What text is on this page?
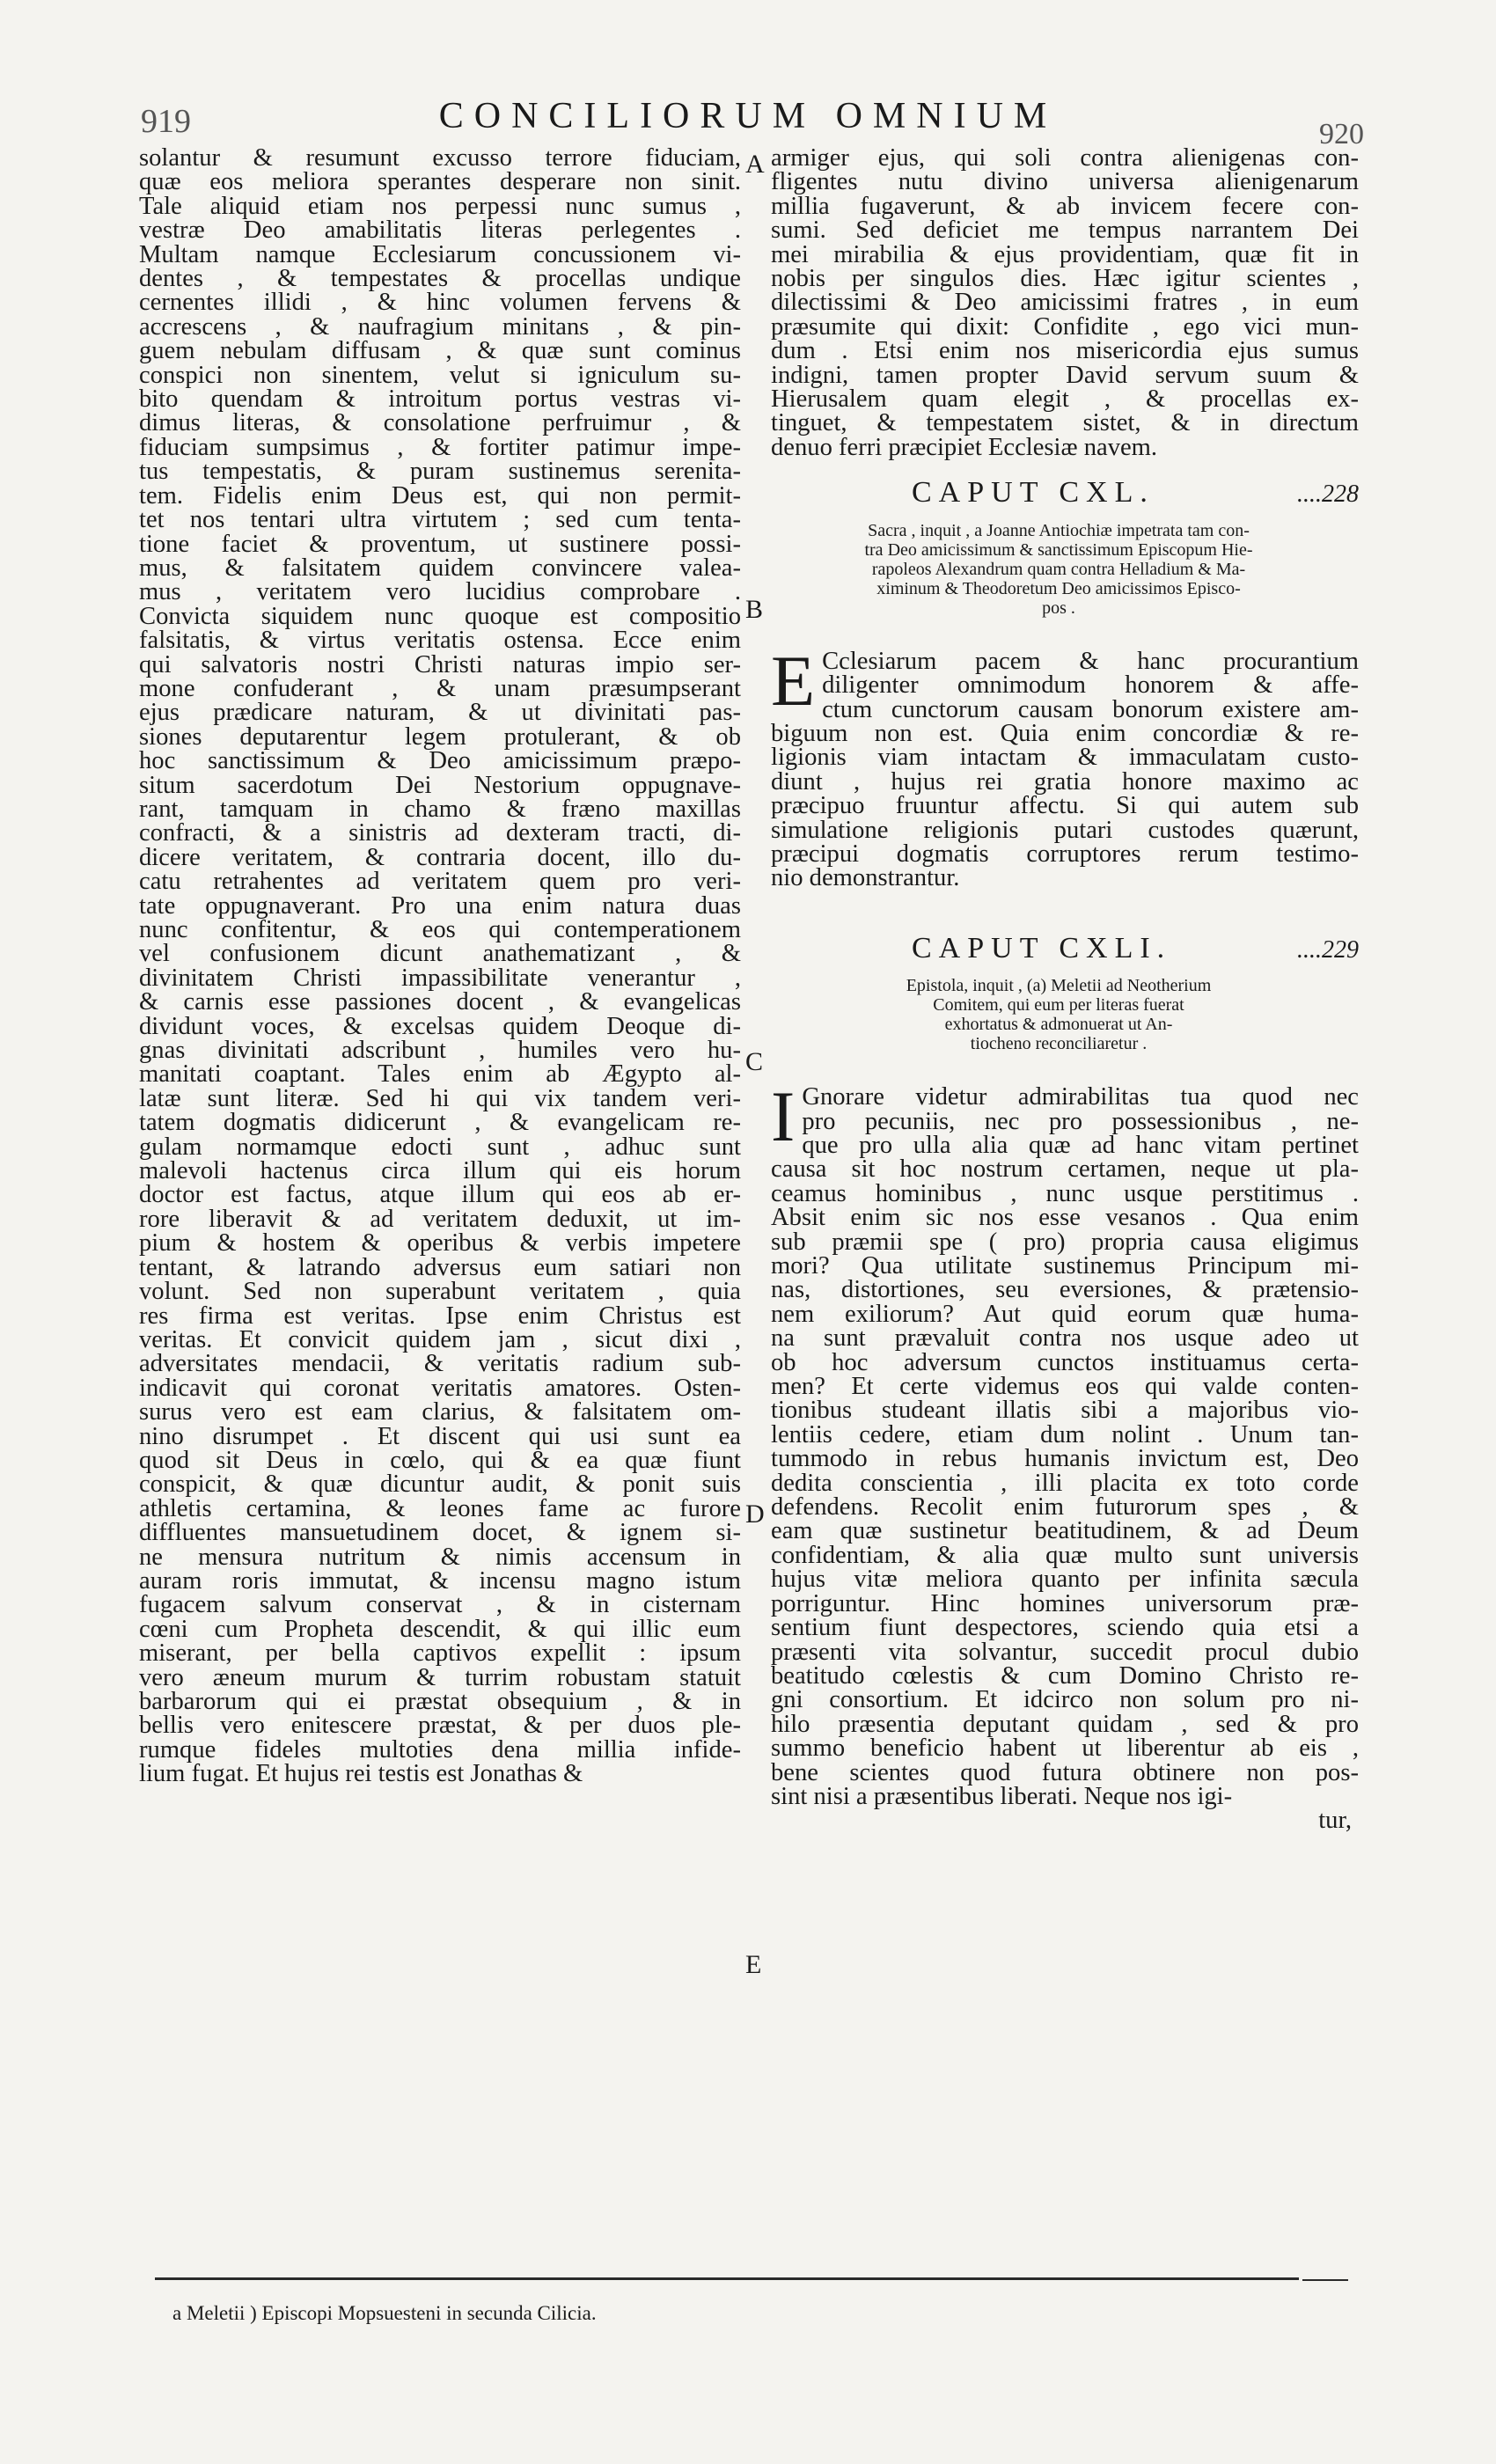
919	CONCILIORUM OMNIUM	920
solantur & resumunt excusso terrore fiduciam,
quæ eos meliora sperantes desperare non sinit.
Tale aliquid etiam nos perpessi nunc sumus ,
vestræ Deo amabilitatis literas perlegentes .
Multam namque Ecclesiarum concussionem vi-
dentes , & tempestates & procellas undique
cernentes illidi , & hinc volumen fervens &
accrescens , & naufragium minitans , & pin-
guem nebulam diffusam , & quæ sunt cominus
conspici non sinentem, velut si igniculum su-
bito quendam & introitum portus vestras vi-
dimus literas, & consolatione perfruimur , &
fiduciam sumpsimus , & fortiter patimur impe-
tus tempestatis, & puram sustinemus serenita-
tem. Fidelis enim Deus est, qui non permit-
tet nos tentari ultra virtutem ; sed cum tenta-
tione faciet & proventum, ut sustinere possi-
mus, & falsitatem quidem convincere valea-
mus , veritatem vero lucidius comprobare .
Convicta siquidem nunc quoque est compositio
falsitatis, & virtus veritatis ostensa. Ecce enim
qui salvatoris nostri Christi naturas impio ser-
mone confuderant , & unam præsumpserant
ejus prædicare naturam, & ut divinitati pas-
siones deputarentur legem protulerant, & ob
hoc sanctissimum & Deo amicissimum præpo-
situm sacerdotum Dei Nestorium oppugnave-
rant, tamquam in chamo & fræno maxillas
confracti, & a sinistris ad dexteram tracti, di-
dicere veritatem, & contraria docent, illo du-
catu retrahentes ad veritatem quem pro veri-
tate oppugnaverant. Pro una enim natura duas
nunc confitentur, & eos qui contemperationem
vel confusionem dicunt anathematizant , &
divinitatem Christi impassibilitate venerantur ,
& carnis esse passiones docent , & evangelicas
dividunt voces, & excelsas quidem Deoque di-
gnas divinitati adscribunt , humiles vero hu-
manitati coaptant. Tales enim ab Ægypto al-
latæ sunt literæ. Sed hi qui vix tandem veri-
tatem dogmatis didicerunt , & evangelicam re-
gulam normamque edocti sunt , adhuc sunt
malevoli hactenus circa illum qui eis horum
doctor est factus, atque illum qui eos ab er-
rore liberavit & ad veritatem deduxit, ut im-
pium & hostem & operibus & verbis impetere
tentant, & latrando adversus eum satiari non
volunt. Sed non superabunt veritatem , quia
res firma est veritas. Ipse enim Christus est
veritas. Et convicit quidem jam , sicut dixi ,
adversitates mendacii, & veritatis radium sub-
indicavit qui coronat veritatis amatores. Osten-
surus vero est eam clarius, & falsitatem om-
nino disrumpet . Et discent qui usi sunt ea
quod sit Deus in cœlo, qui & ea quæ fiunt
conspicit, & quæ dicuntur audit, & ponit suis
athletis certamina, & leones fame ac furore
diffluentes mansuetudinem docet, & ignem si-
ne mensura nutritum & nimis accensum in
auram roris immutat, & incensu magno istum
fugacem salvum conservat , & in cisternam
cœni cum Propheta descendit, & qui illic eum
miserant, per bella captivos expellit : ipsum
vero æneum murum & turrim robustam statuit
barbarorum qui ei præstat obsequium , & in
bellis vero enitescere præstat, & per duos ple-
rumque fideles multoties dena millia infide-
lium fugat. Et hujus rei testis est Jonathas &
A
B
C
D
E
armiger ejus, qui soli contra alienigenas con-
fligentes nutu divino universa alienigenarum
millia fugaverunt, & ab invicem fecere con-
sumi. Sed deficiet me tempus narrantem Dei
mei mirabilia & ejus providentiam, quæ fit in
nobis per singulos dies. Hæc igitur scientes ,
dilectissimi & Deo amicissimi fratres , in eum
præsumite qui dixit: Confidite , ego vici mun-
dum . Etsi enim nos misericordia ejus sumus
indigni, tamen propter David servum suum &
Hierusalem quam elegit , & procellas ex-
tinguet, & tempestatem sistet, & in directum
denuo ferri præcipiet Ecclesiæ navem.
CAPUT CXL.	....228
Sacra , inquit , a Joanne Antiochiæ impetrata tam con-
tra Deo amicissimum & sanctissimum Episcopum Hie-
rapoleos Alexandrum quam contra Helladium & Ma-
ximinum & Theodoretum Deo amicissimos Episco-
pos .
E Cclesiarum pacem & hanc procurantium
diligenter omnimodum honorem & affe-
ctum cunctorum causam bonorum existere am-
biguum non est. Quia enim concordiæ & re-
ligionis viam intactam & immaculatam custo-
diunt , hujus rei gratia honore maximo ac
præcipuo fruuntur affectu. Si qui autem sub
simulatione religionis putari custodes quærunt,
præcipui dogmatis corruptores rerum testimo-
nio demonstrantur.
CAPUT CXLI.	....229
Epistola, inquit , (a) Meletii ad Neotherium
Comitem, qui eum per literas fuerat
exhortatus & admonuerat ut An-
tiocheno reconciliaretur .
I Gnorare videtur admirabilitas tua quod nec
pro pecuniis, nec pro possessionibus , ne-
que pro ulla alia quæ ad hanc vitam pertinet
causa sit hoc nostrum certamen, neque ut pla-
ceamus hominibus , nunc usque perstitimus .
Absit enim sic nos esse vesanos . Qua enim
sub præmii spe ( pro) propria causa eligimus
mori? Qua utilitate sustinemus Principum mi-
nas, distortiones, seu eversiones, & prætensio-
nem exiliorum? Aut quid eorum quæ huma-
na sunt prævaluit contra nos usque adeo ut
ob hoc adversum cunctos instituamus certa-
men? Et certe videmus eos qui valde conten-
tionibus studeant illatis sibi a majoribus vio-
lentiis cedere, etiam dum nolint . Unum tan-
tummodo in rebus humanis invictum est, Deo
dedita conscientia , illi placita ex toto corde
defendens. Recolit enim futurorum spes , &
eam quæ sustinetur beatitudinem, & ad Deum
confidentiam, & alia quæ multo sunt universis
hujus vitæ meliora quanto per infinita sæcula
porriguntur. Hinc homines universorum præ-
sentium fiunt despectores, sciendo quia etsi a
præsenti vita solvantur, succedit procul dubio
beatitudo cœlestis & cum Domino Christo re-
gni consortium. Et idcirco non solum pro ni-
hilo præsentia deputant quidam , sed & pro
summo beneficio habent ut liberentur ab eis ,
bene scientes quod futura obtinere non pos-
sint nisi a præsentibus liberati. Neque nos igi-
tur,
a Meletii ) Episcopi Mopsuesteni in secunda Cilicia.
